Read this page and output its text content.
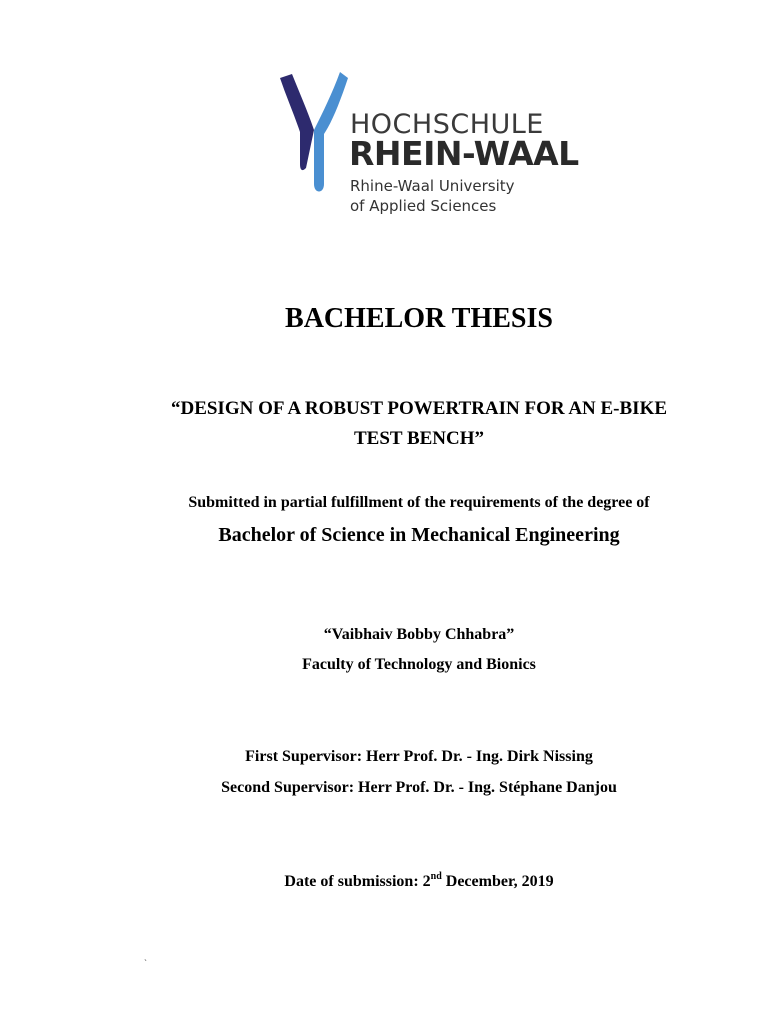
HOCHSCHULE
RHEIN-WAAL
Rhine-Waal University
of Applied Sciences
BACHELOR THESIS
“DESIGN OF A ROBUST POWERTRAIN FOR AN E-BIKE
TEST BENCH”
Submitted in partial fulfillment of the requirements of the degree of
Bachelor of Science in Mechanical Engineering
“Vaibhaiv Bobby Chhabra”
Faculty of Technology and Bionics
First Supervisor: Herr Prof. Dr. - Ing. Dirk Nissing
Second Supervisor: Herr Prof. Dr. - Ing. Stéphane Danjou
Date of submission: 2nd December, 2019
`
